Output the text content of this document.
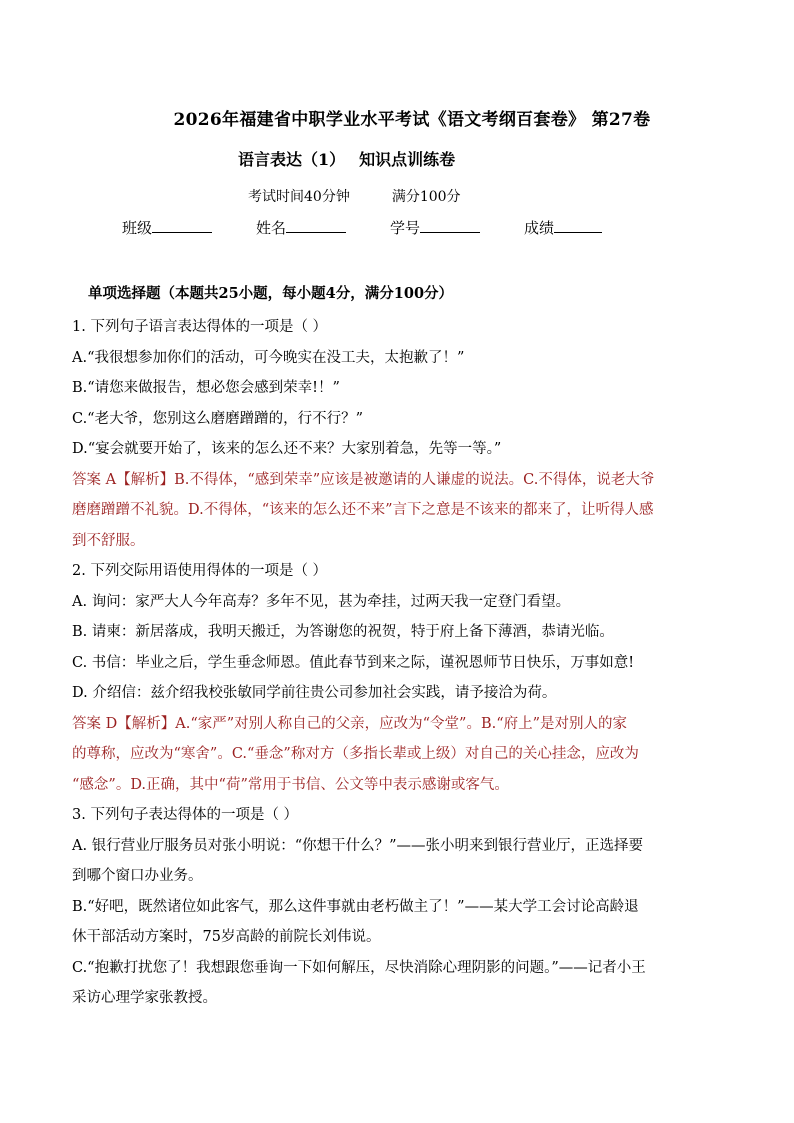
2026年福建省中职学业水平考试《语文考纲百套卷》 第27卷
语言表达（1） 知识点训练卷
考试时间40分钟	满分100分
班级	姓名	学号	成绩
单项选择题（本题共25小题，每小题4分，满分100分）
1. 下列句子语言表达得体的一项是（ ）
A.“我很想参加你们的活动，可今晚实在没工夫，太抱歉了！”
B.“请您来做报告，想必您会感到荣幸!！”
C.“老大爷，您别这么磨磨蹭蹭的，行不行？”
D.“宴会就要开始了，该来的怎么还不来？大家别着急，先等一等。”
答案 A【解析】B.不得体，“感到荣幸”应该是被邀请的人谦虚的说法。C.不得体，说老大爷
磨磨蹭蹭不礼貌。D.不得体，“该来的怎么还不来”言下之意是不该来的都来了，让听得人感
到不舒服。
2. 下列交际用语使用得体的一项是（ ）
A. 询问：家严大人今年高寿？多年不见，甚为牵挂，过两天我一定登门看望。
B. 请柬：新居落成，我明天搬迁，为答谢您的祝贺，特于府上备下薄酒，恭请光临。
C. 书信：毕业之后，学生垂念师恩。值此春节到来之际，谨祝恩师节日快乐，万事如意!
D. 介绍信：兹介绍我校张敏同学前往贵公司参加社会实践，请予接洽为荷。
答案 D【解析】A.“家严”对别人称自己的父亲，应改为“令堂”。B.“府上”是对别人的家
的尊称，应改为“寒舍”。C.“垂念”称对方（多指长辈或上级）对自己的关心挂念，应改为
“感念”。D.正确，其中“荷”常用于书信、公文等中表示感谢或客气。
3. 下列句子表达得体的一项是（ ）
A. 银行营业厅服务员对张小明说：“你想干什么？”——张小明来到银行营业厅，正选择要
到哪个窗口办业务。
B.“好吧，既然诸位如此客气，那么这件事就由老朽做主了！”——某大学工会讨论高龄退
休干部活动方案时，75岁高龄的前院长刘伟说。
C.“抱歉打扰您了！我想跟您垂询一下如何解压，尽快消除心理阴影的问题。”——记者小王
采访心理学家张教授。
